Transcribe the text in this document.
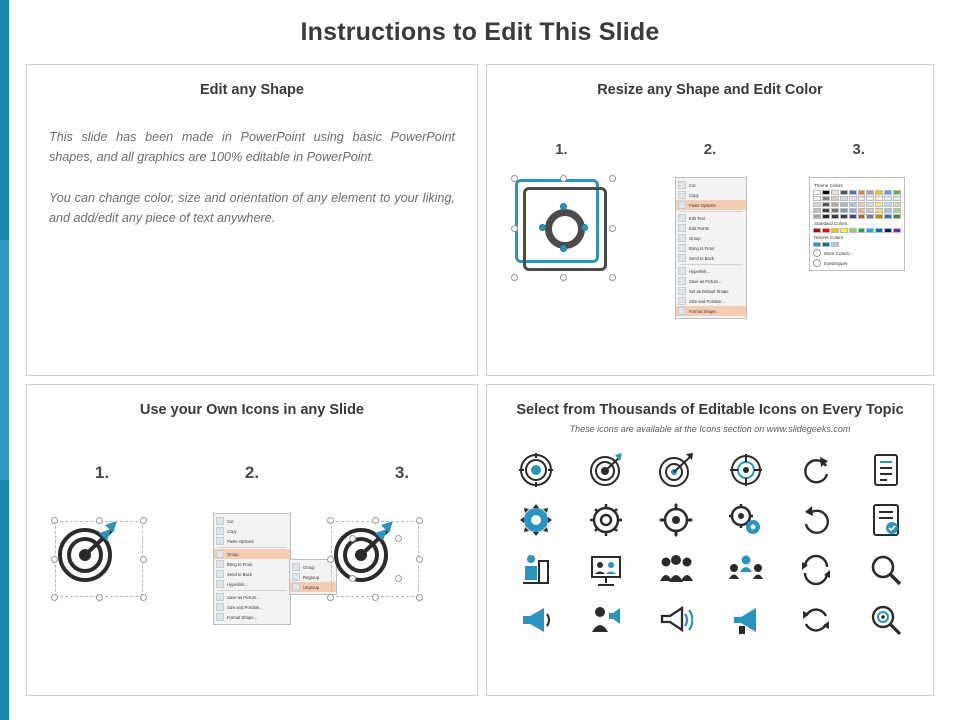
Instructions to Edit This Slide
Edit any Shape
This slide has been made in PowerPoint using basic PowerPoint shapes, and all graphics are 100% editable in PowerPoint.
You can change color, size and orientation of any element to your liking, and add/edit any piece of text anywhere.
Resize any Shape and Edit Color
1.	2.	3.
Cut
Copy
Paste Options:
Edit Text
Edit Points
Group
Bring to Front
Send to Back
Hyperlink...
Save as Picture...
Set as Default Shape
Size and Position...
Format Shape...
Theme Colors
Standard Colors
Recent Colors
More Colors...
Eyedropper
Use your Own Icons in any Slide
1.	2.	3.
Cut
Copy
Paste Options:
Group
Bring to Front
Send to Back
Hyperlink...
Save as Picture...
Size and Position...
Format Shape...
Group
Regroup
Ungroup
Select from Thousands of Editable Icons on Every Topic
These icons are available at the Icons section on www.slidegeeks.com
